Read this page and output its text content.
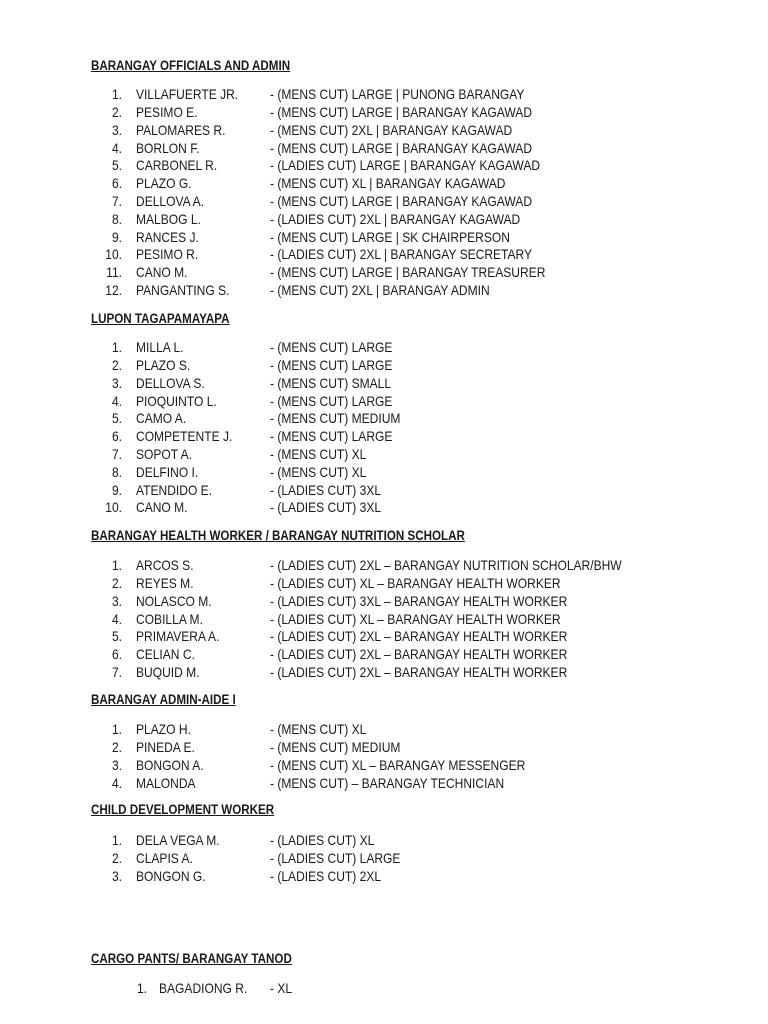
BARANGAY OFFICIALS AND ADMIN
1. VILLAFUERTE JR. - (MENS CUT) LARGE | PUNONG BARANGAY
2. PESIMO E.	- (MENS CUT) LARGE | BARANGAY KAGAWAD
3. PALOMARES R.	- (MENS CUT) 2XL | BARANGAY KAGAWAD
4. BORLON F.	- (MENS CUT) LARGE | BARANGAY KAGAWAD
5. CARBONEL R.	- (LADIES CUT) LARGE | BARANGAY KAGAWAD
6. PLAZO G.	- (MENS CUT) XL | BARANGAY KAGAWAD
7. DELLOVA A.	- (MENS CUT) LARGE | BARANGAY KAGAWAD
8. MALBOG L.	- (LADIES CUT) 2XL | BARANGAY KAGAWAD
9. RANCES J.	- (MENS CUT) LARGE | SK CHAIRPERSON
10. PESIMO R.	- (LADIES CUT) 2XL | BARANGAY SECRETARY
11. CANO M.	- (MENS CUT) LARGE | BARANGAY TREASURER
12. PANGANTING S.	- (MENS CUT) 2XL | BARANGAY ADMIN
LUPON TAGAPAMAYAPA
1. MILLA L.	- (MENS CUT) LARGE
2. PLAZO S.	- (MENS CUT) LARGE
3. DELLOVA S.	- (MENS CUT) SMALL
4. PIOQUINTO L.	- (MENS CUT) LARGE
5. CAMO A.	- (MENS CUT) MEDIUM
6. COMPETENTE J.	- (MENS CUT) LARGE
7. SOPOT A.	- (MENS CUT) XL
8. DELFINO I.	- (MENS CUT) XL
9. ATENDIDO E.	- (LADIES CUT) 3XL
10. CANO M.	- (LADIES CUT) 3XL
BARANGAY HEALTH WORKER / BARANGAY NUTRITION SCHOLAR
1. ARCOS S.	- (LADIES CUT) 2XL – BARANGAY NUTRITION SCHOLAR/BHW
2. REYES M.	- (LADIES CUT) XL – BARANGAY HEALTH WORKER
3. NOLASCO M.	- (LADIES CUT) 3XL – BARANGAY HEALTH WORKER
4. COBILLA M.	- (LADIES CUT) XL – BARANGAY HEALTH WORKER
5. PRIMAVERA A.	- (LADIES CUT) 2XL – BARANGAY HEALTH WORKER
6. CELIAN C.	- (LADIES CUT) 2XL – BARANGAY HEALTH WORKER
7. BUQUID M.	- (LADIES CUT) 2XL – BARANGAY HEALTH WORKER
BARANGAY ADMIN-AIDE I
1. PLAZO H.	- (MENS CUT) XL
2. PINEDA E.	- (MENS CUT) MEDIUM
3. BONGON A.	- (MENS CUT) XL – BARANGAY MESSENGER
4. MALONDA	- (MENS CUT) – BARANGAY TECHNICIAN
CHILD DEVELOPMENT WORKER
1. DELA VEGA M.	- (LADIES CUT) XL
2. CLAPIS A.	- (LADIES CUT) LARGE
3. BONGON G.	- (LADIES CUT) 2XL
CARGO PANTS/ BARANGAY TANOD
1. BAGADIONG R. - XL
